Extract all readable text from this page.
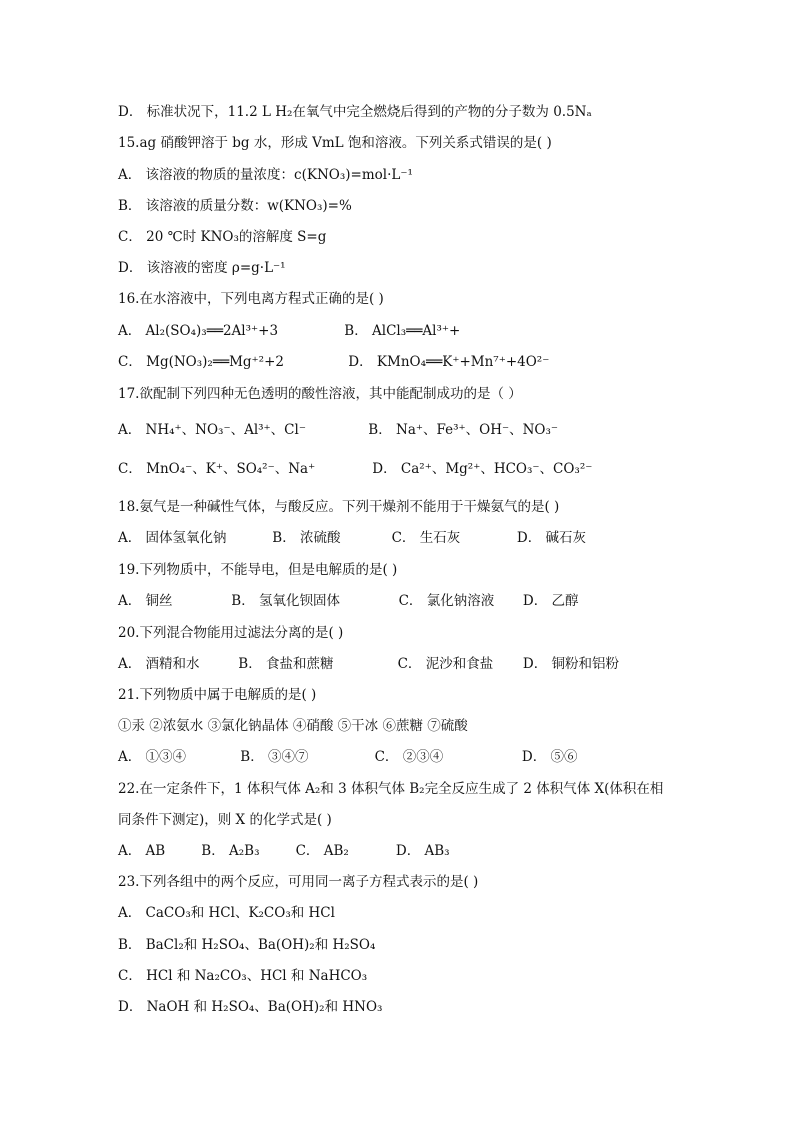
D． 标准状况下，11.2 L H₂在氧气中完全燃烧后得到的产物的分子数为 0.5Nₐ
15.ag 硝酸钾溶于 bg 水，形成 VmL 饱和溶液。下列关系式错误的是( )
A． 该溶液的物质的量浓度：c(KNO₃)=mol·L⁻¹
B． 该溶液的质量分数：w(KNO₃)=%
C． 20 ℃时 KNO₃的溶解度 S=g
D． 该溶液的密度 ρ=g·L⁻¹
16.在水溶液中，下列电离方程式正确的是( )
A． Al₂(SO₄)₃══2Al³⁺+3	B． AlCl₃══Al³⁺+
C． Mg(NO₃)₂══Mg⁺²+2	D． KMnO₄══K⁺+Mn⁷⁺+4O²⁻
17.欲配制下列四种无色透明的酸性溶液，其中能配制成功的是（ ）
A． NH₄⁺、NO₃⁻、Al³⁺、Cl⁻	B． Na⁺、Fe³⁺、OH⁻、NO₃⁻
C． MnO₄⁻、K⁺、SO₄²⁻、Na⁺	D． Ca²⁺、Mg²⁺、HCO₃⁻、CO₃²⁻
18.氨气是一种碱性气体，与酸反应。下列干燥剂不能用于干燥氨气的是( )
A． 固体氢氧化钠	B． 浓硫酸	C． 生石灰	D． 碱石灰
19.下列物质中，不能导电，但是电解质的是( )
A． 铜丝	B． 氢氧化钡固体	C． 氯化钠溶液 D． 乙醇
20.下列混合物能用过滤法分离的是( )
A． 酒精和水	B． 食盐和蔗糖	C． 泥沙和食盐 D． 铜粉和铝粉
21.下列物质中属于电解质的是( )
①汞 ②浓氨水 ③氯化钠晶体 ④硝酸 ⑤干冰 ⑥蔗糖 ⑦硫酸
A． ①③④	B． ③④⑦	C． ②③④	D． ⑤⑥
22.在一定条件下，1 体积气体 A₂和 3 体积气体 B₂完全反应生成了 2 体积气体 X(体积在相
同条件下测定)，则 X 的化学式是( )
A． AB	B． A₂B₃	C． AB₂	D． AB₃
23.下列各组中的两个反应，可用同一离子方程式表示的是( )
A． CaCO₃和 HCl、K₂CO₃和 HCl
B． BaCl₂和 H₂SO₄、Ba(OH)₂和 H₂SO₄
C． HCl 和 Na₂CO₃、HCl 和 NaHCO₃
D． NaOH 和 H₂SO₄、Ba(OH)₂和 HNO₃
